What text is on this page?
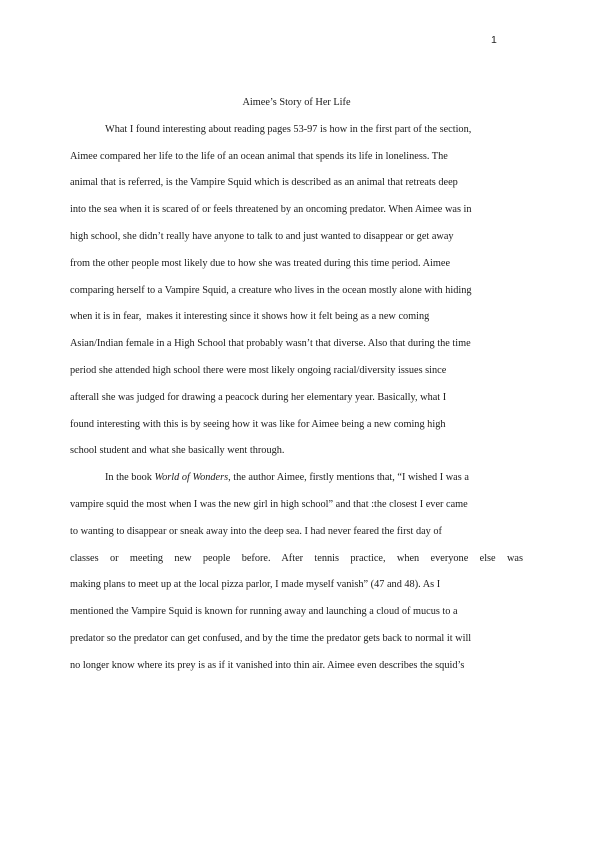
1
Aimee’s Story of Her Life
What I found interesting about reading pages 53-97 is how in the first part of the section,
Aimee compared her life to the life of an ocean animal that spends its life in loneliness. The
animal that is referred, is the Vampire Squid which is described as an animal that retreats deep
into the sea when it is scared of or feels threatened by an oncoming predator. When Aimee was in
high school, she didn’t really have anyone to talk to and just wanted to disappear or get away
from the other people most likely due to how she was treated during this time period. Aimee
comparing herself to a Vampire Squid, a creature who lives in the ocean mostly alone with hiding
when it is in fear,  makes it interesting since it shows how it felt being as a new coming
Asian/Indian female in a High School that probably wasn’t that diverse. Also that during the time
period she attended high school there were most likely ongoing racial/diversity issues since
afterall she was judged for drawing a peacock during her elementary year. Basically, what I
found interesting with this is by seeing how it was like for Aimee being a new coming high
school student and what she basically went through.
In the book World of Wonders, the author Aimee, firstly mentions that, “I wished I was a
vampire squid the most when I was the new girl in high school” and that :the closest I ever came
to wanting to disappear or sneak away into the deep sea. I had never feared the first day of
classes or meeting new people before. After tennis practice, when everyone else was
making plans to meet up at the local pizza parlor, I made myself vanish” (47 and 48). As I
mentioned the Vampire Squid is known for running away and launching a cloud of mucus to a
predator so the predator can get confused, and by the time the predator gets back to normal it will
no longer know where its prey is as if it vanished into thin air. Aimee even describes the squid’s
